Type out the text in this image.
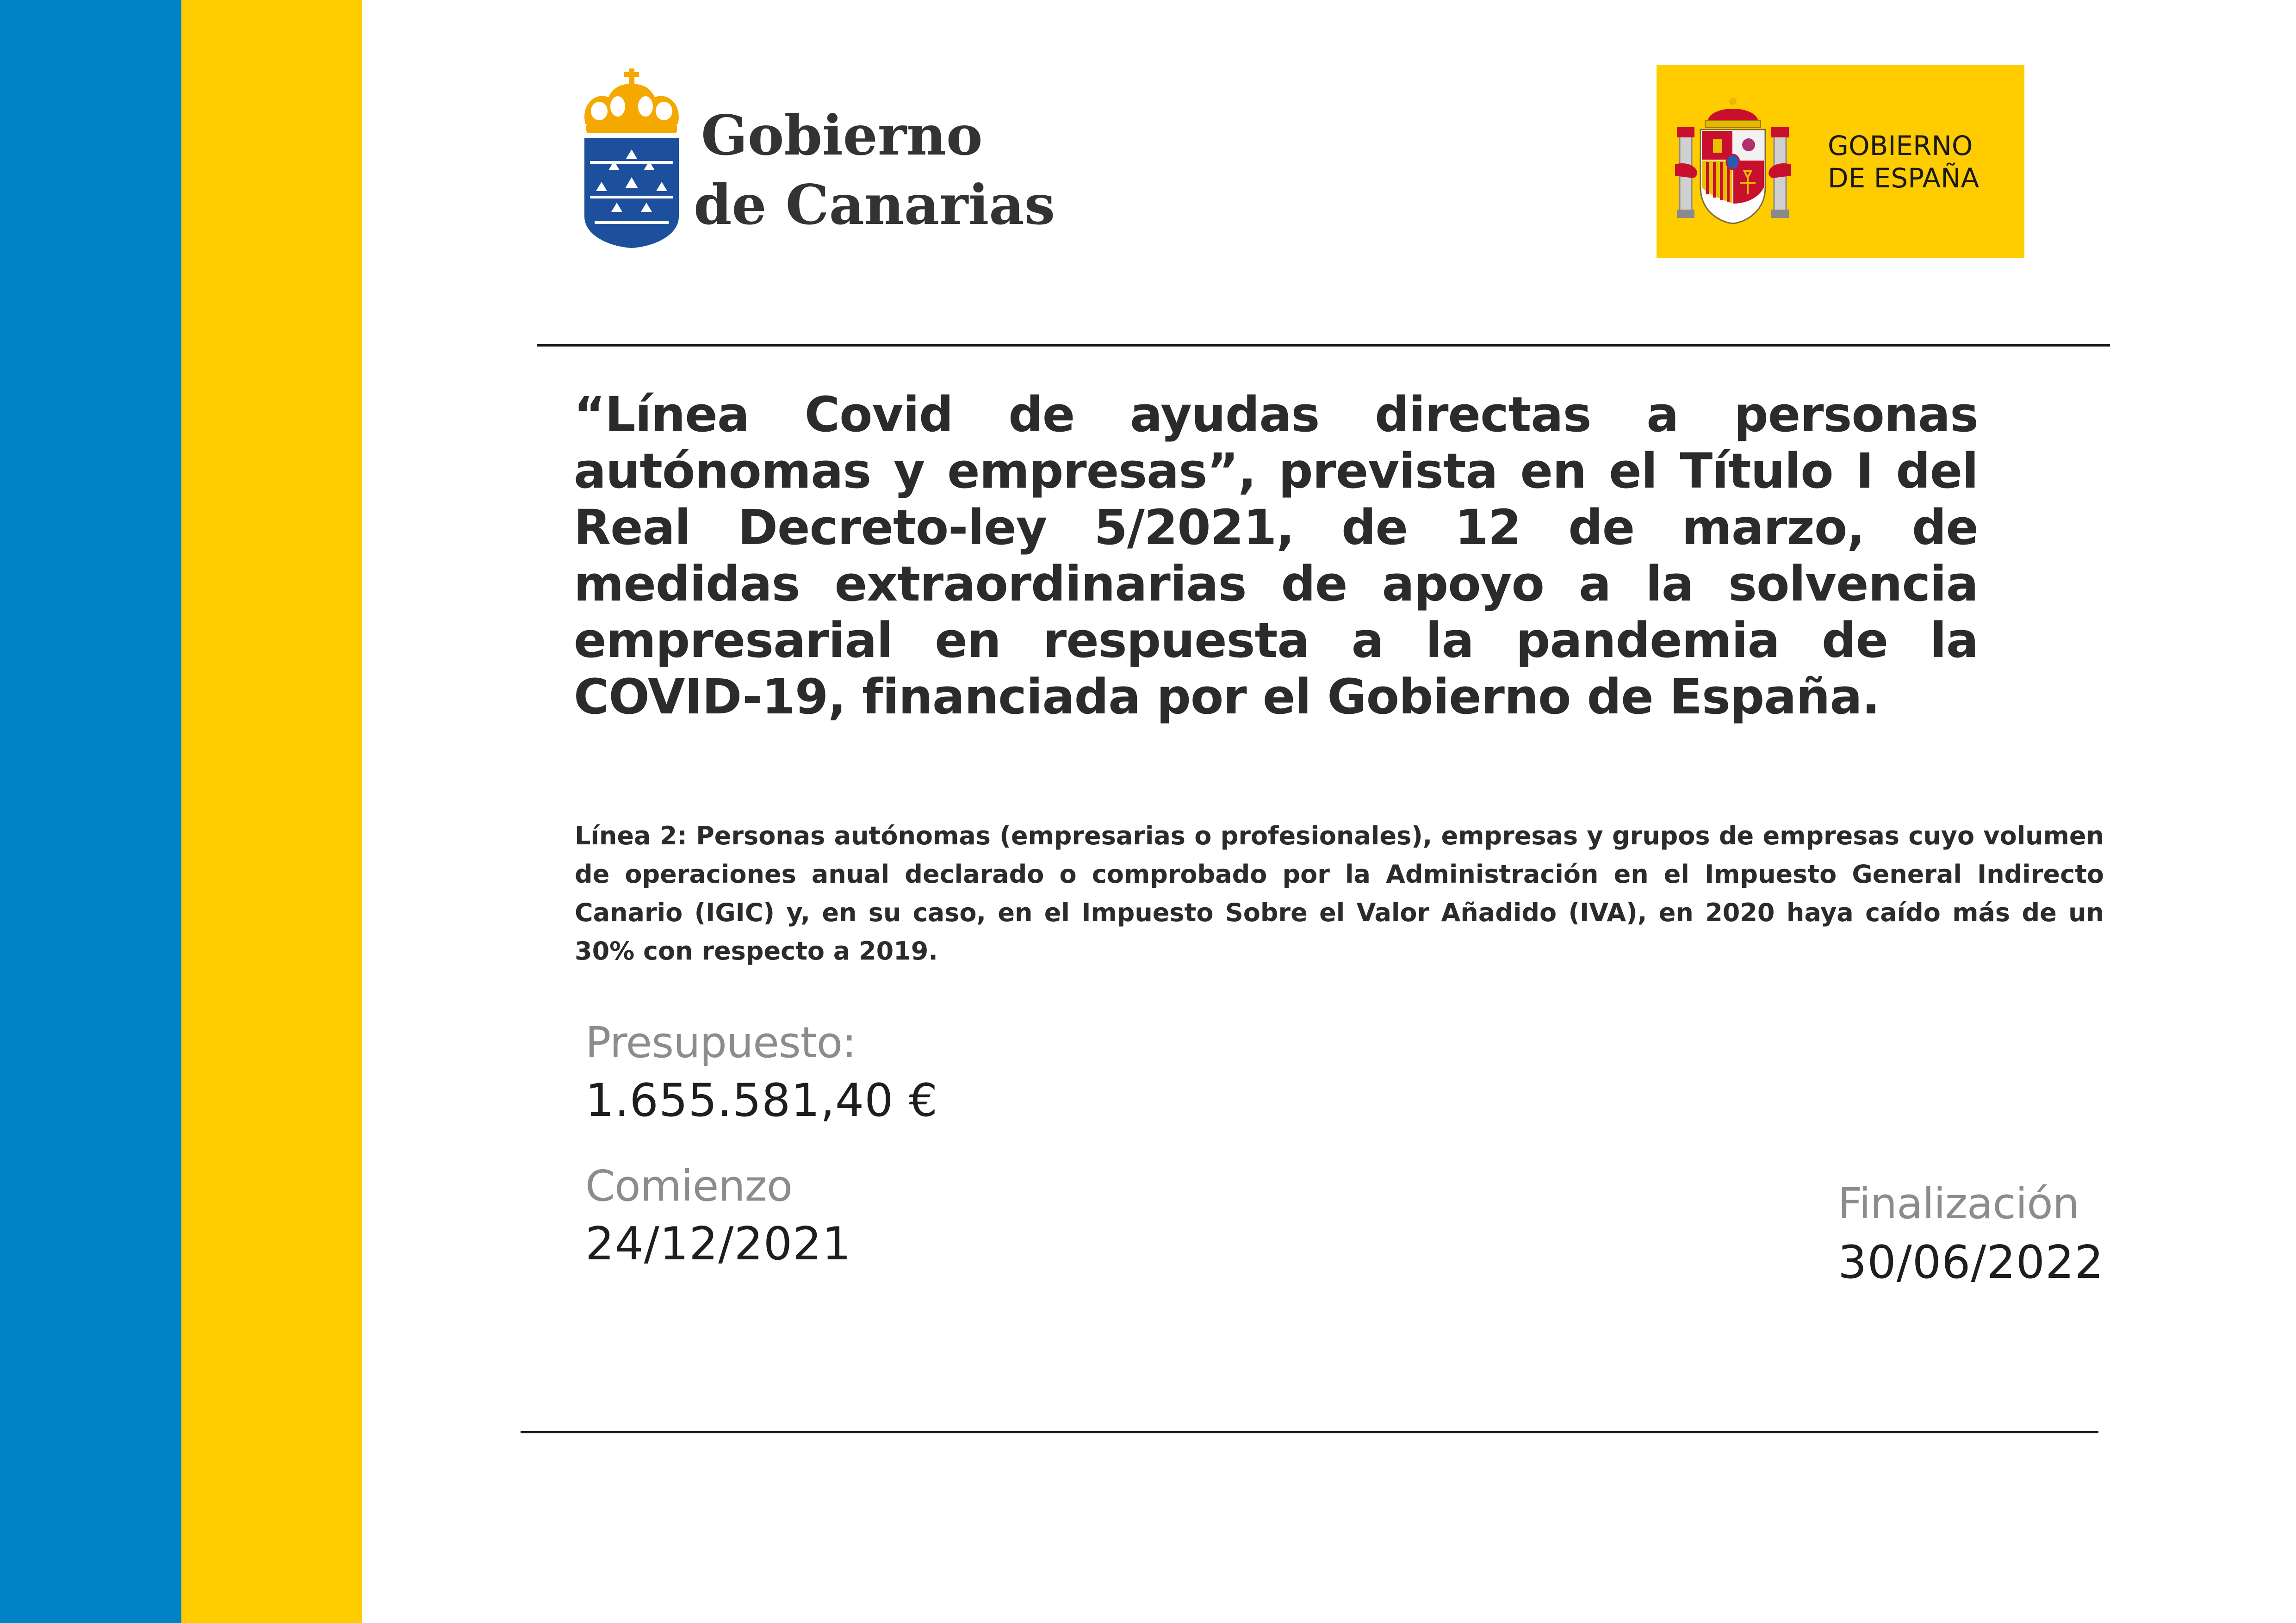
Gobierno
de Canarias
GOBIERNO
DE ESPAÑA
“Línea Covid de ayudas directas a personas autónomas y empresas”, prevista en el Título I del Real Decreto-ley 5/2021, de 12 de marzo, de medidas extraordinarias de apoyo a la solvencia empresarial en respuesta a la pandemia de la COVID-19, financiada por el Gobierno de España.
Línea 2: Personas autónomas (empresarias o profesionales), empresas y grupos de empresas cuyo volumen de operaciones anual declarado o comprobado por la Administración en el Impuesto General Indirecto Canario (IGIC) y, en su caso, en el Impuesto Sobre el Valor Añadido (IVA), en 2020 haya caído más de un 30% con respecto a 2019.
Presupuesto:
1.655.581,40 €
Comienzo
24/12/2021
Finalización
30/06/2022
